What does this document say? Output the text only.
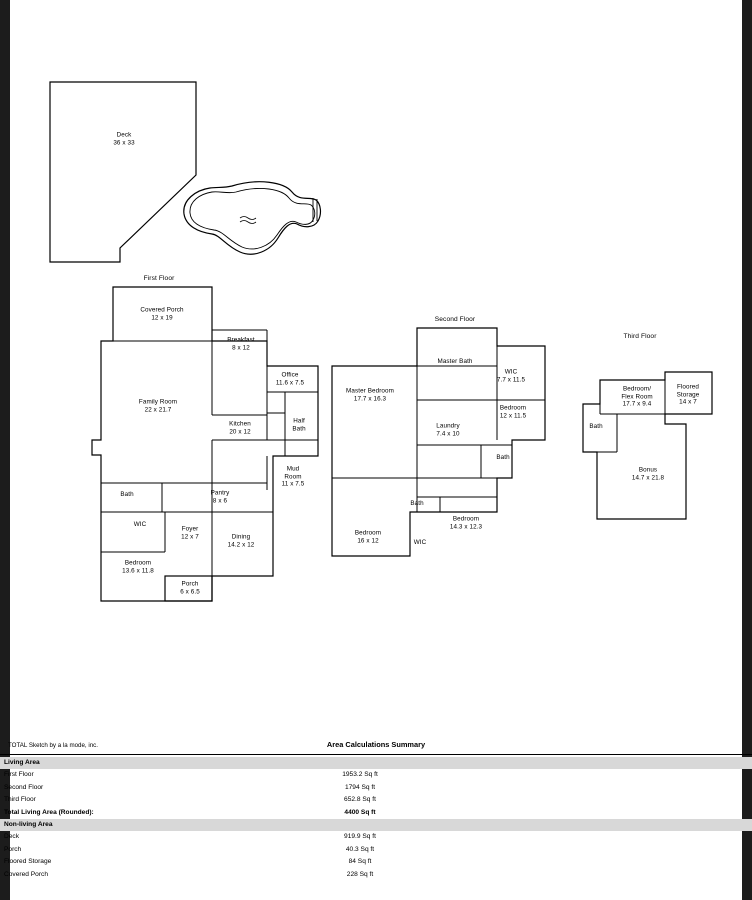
First Floor
Second Floor
Third Floor
Deck
36 x 33
Covered Porch
12 x 19
Breakfast
8 x 12
Office
11.6 x 7.5
Family Room
22 x 21.7
Kitchen
20 x 12
Half
Bath
Mud
Room
11 x 7.5
Bath	Pantry
8 x 6
WIC
Foyer
12 x 7	Dining
14.2 x 12
Bedroom
13.6 x 11.8
Porch
6 x 6.5
Master Bath
WIC
7.7 x 11.5
Master Bedroom
17.7 x 16.3
Bedroom
12 x 11.5
Laundry
7.4 x 10
Bath
Bath
Bedroom
14.3 x 12.3
Bedroom
16 x 12	WIC
Bedroom/
Flex Room
17.7 x 9.4
Floored
Storage
14 x 7
Bath
Bonus
14.7 x 21.8
TOTAL Sketch by a la mode, inc.	Area Calculations Summary
Living Area
First Floor	1953.2 Sq ft
Second Floor	1794 Sq ft
Third Floor	652.8 Sq ft
Total Living Area (Rounded):	4400 Sq ft
Non-living Area
Deck	919.9 Sq ft
Porch	40.3 Sq ft
Floored Storage	84 Sq ft
Covered Porch	228 Sq ft
